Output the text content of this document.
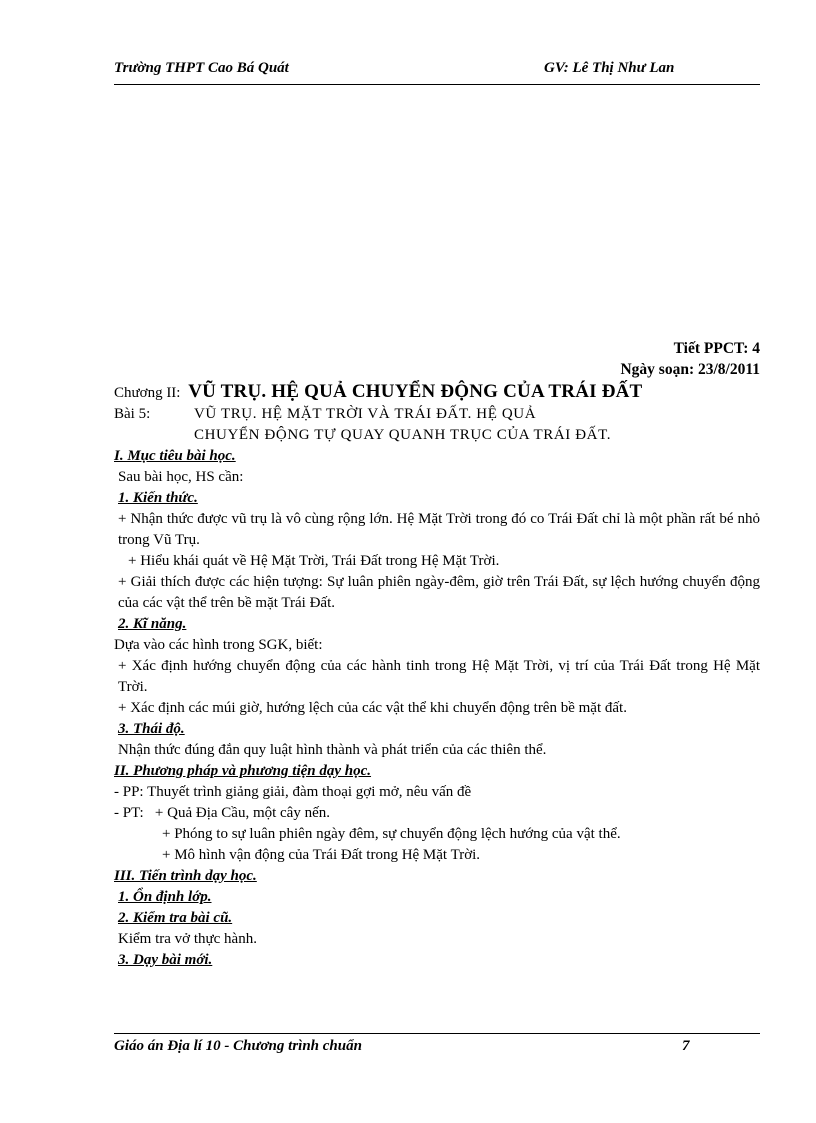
Trường THPT Cao Bá Quát	GV: Lê Thị Như Lan
Tiết PPCT: 4
Ngày soạn: 23/8/2011
Chương II: VŨ TRỤ. HỆ QUẢ CHUYỂN ĐỘNG CỦA TRÁI ĐẤT
Bài 5:	VŨ TRỤ. HỆ MẶT TRỜI VÀ TRÁI ĐẤT. HỆ QUẢ
CHUYỂN ĐỘNG TỰ QUAY QUANH TRỤC CỦA TRÁI ĐẤT.
I. Mục tiêu bài học.
Sau bài học, HS cần:
1. Kiến thức.
+ Nhận thức được vũ trụ là vô cùng rộng lớn. Hệ Mặt Trời trong đó co Trái Đất chỉ là một phần rất bé nhỏ trong Vũ Trụ.
+ Hiểu khái quát về Hệ Mặt Trời, Trái Đất trong Hệ Mặt Trời.
+ Giải thích được các hiện tượng: Sự luân phiên ngày-đêm, giờ trên Trái Đất, sự lệch hướng chuyển động của các vật thể trên bề mặt Trái Đất.
2. Kĩ năng.
Dựa vào các hình trong SGK, biết:
+ Xác định hướng chuyển động của các hành tinh trong Hệ Mặt Trời, vị trí của Trái Đất trong Hệ Mặt Trời.
+ Xác định các múi giờ, hướng lệch của các vật thể khi chuyển động trên bề mặt đất.
3. Thái độ.
Nhận thức đúng đắn quy luật hình thành và phát triển của các thiên thể.
II. Phương pháp và phương tiện dạy học.
- PP: Thuyết trình giảng giải, đàm thoại gợi mở, nêu vấn đề
- PT:   + Quả Địa Cầu, một cây nến.
+ Phóng to sự luân phiên ngày đêm, sự chuyển động lệch hướng của vật thể.
+ Mô hình vận động của Trái Đất trong Hệ Mặt Trời.
III. Tiến trình dạy học.
1. Ổn định lớp.
2. Kiểm tra bài cũ.
Kiểm tra vở thực hành.
3. Dạy bài mới.
Giáo án Địa lí 10 - Chương trình chuẩn	7
